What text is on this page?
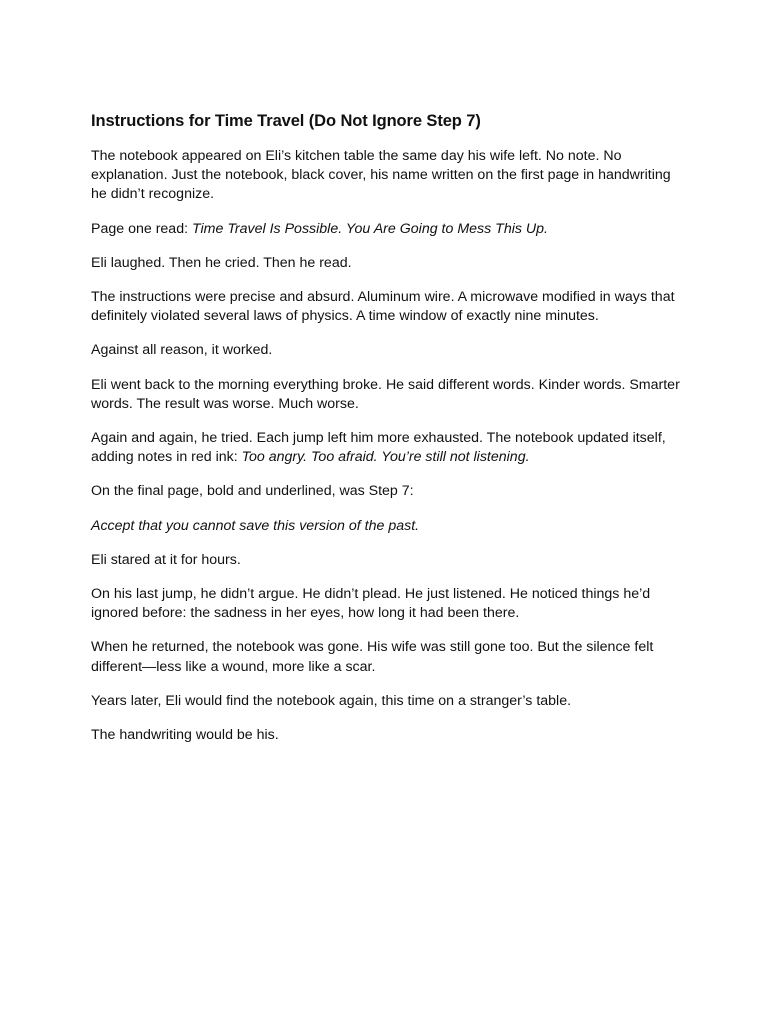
Instructions for Time Travel (Do Not Ignore Step 7)

The notebook appeared on Eli’s kitchen table the same day his wife left. No note. No explanation. Just the notebook, black cover, his name written on the first page in handwriting he didn’t recognize.

Page one read: Time Travel Is Possible. You Are Going to Mess This Up.

Eli laughed. Then he cried. Then he read.

The instructions were precise and absurd. Aluminum wire. A microwave modified in ways that definitely violated several laws of physics. A time window of exactly nine minutes.

Against all reason, it worked.

Eli went back to the morning everything broke. He said different words. Kinder words. Smarter words. The result was worse. Much worse.

Again and again, he tried. Each jump left him more exhausted. The notebook updated itself, adding notes in red ink: Too angry. Too afraid. You’re still not listening.

On the final page, bold and underlined, was Step 7:

Accept that you cannot save this version of the past.

Eli stared at it for hours.

On his last jump, he didn’t argue. He didn’t plead. He just listened. He noticed things he’d ignored before: the sadness in her eyes, how long it had been there.

When he returned, the notebook was gone. His wife was still gone too. But the silence felt different—less like a wound, more like a scar.

Years later, Eli would find the notebook again, this time on a stranger’s table.

The handwriting would be his.
